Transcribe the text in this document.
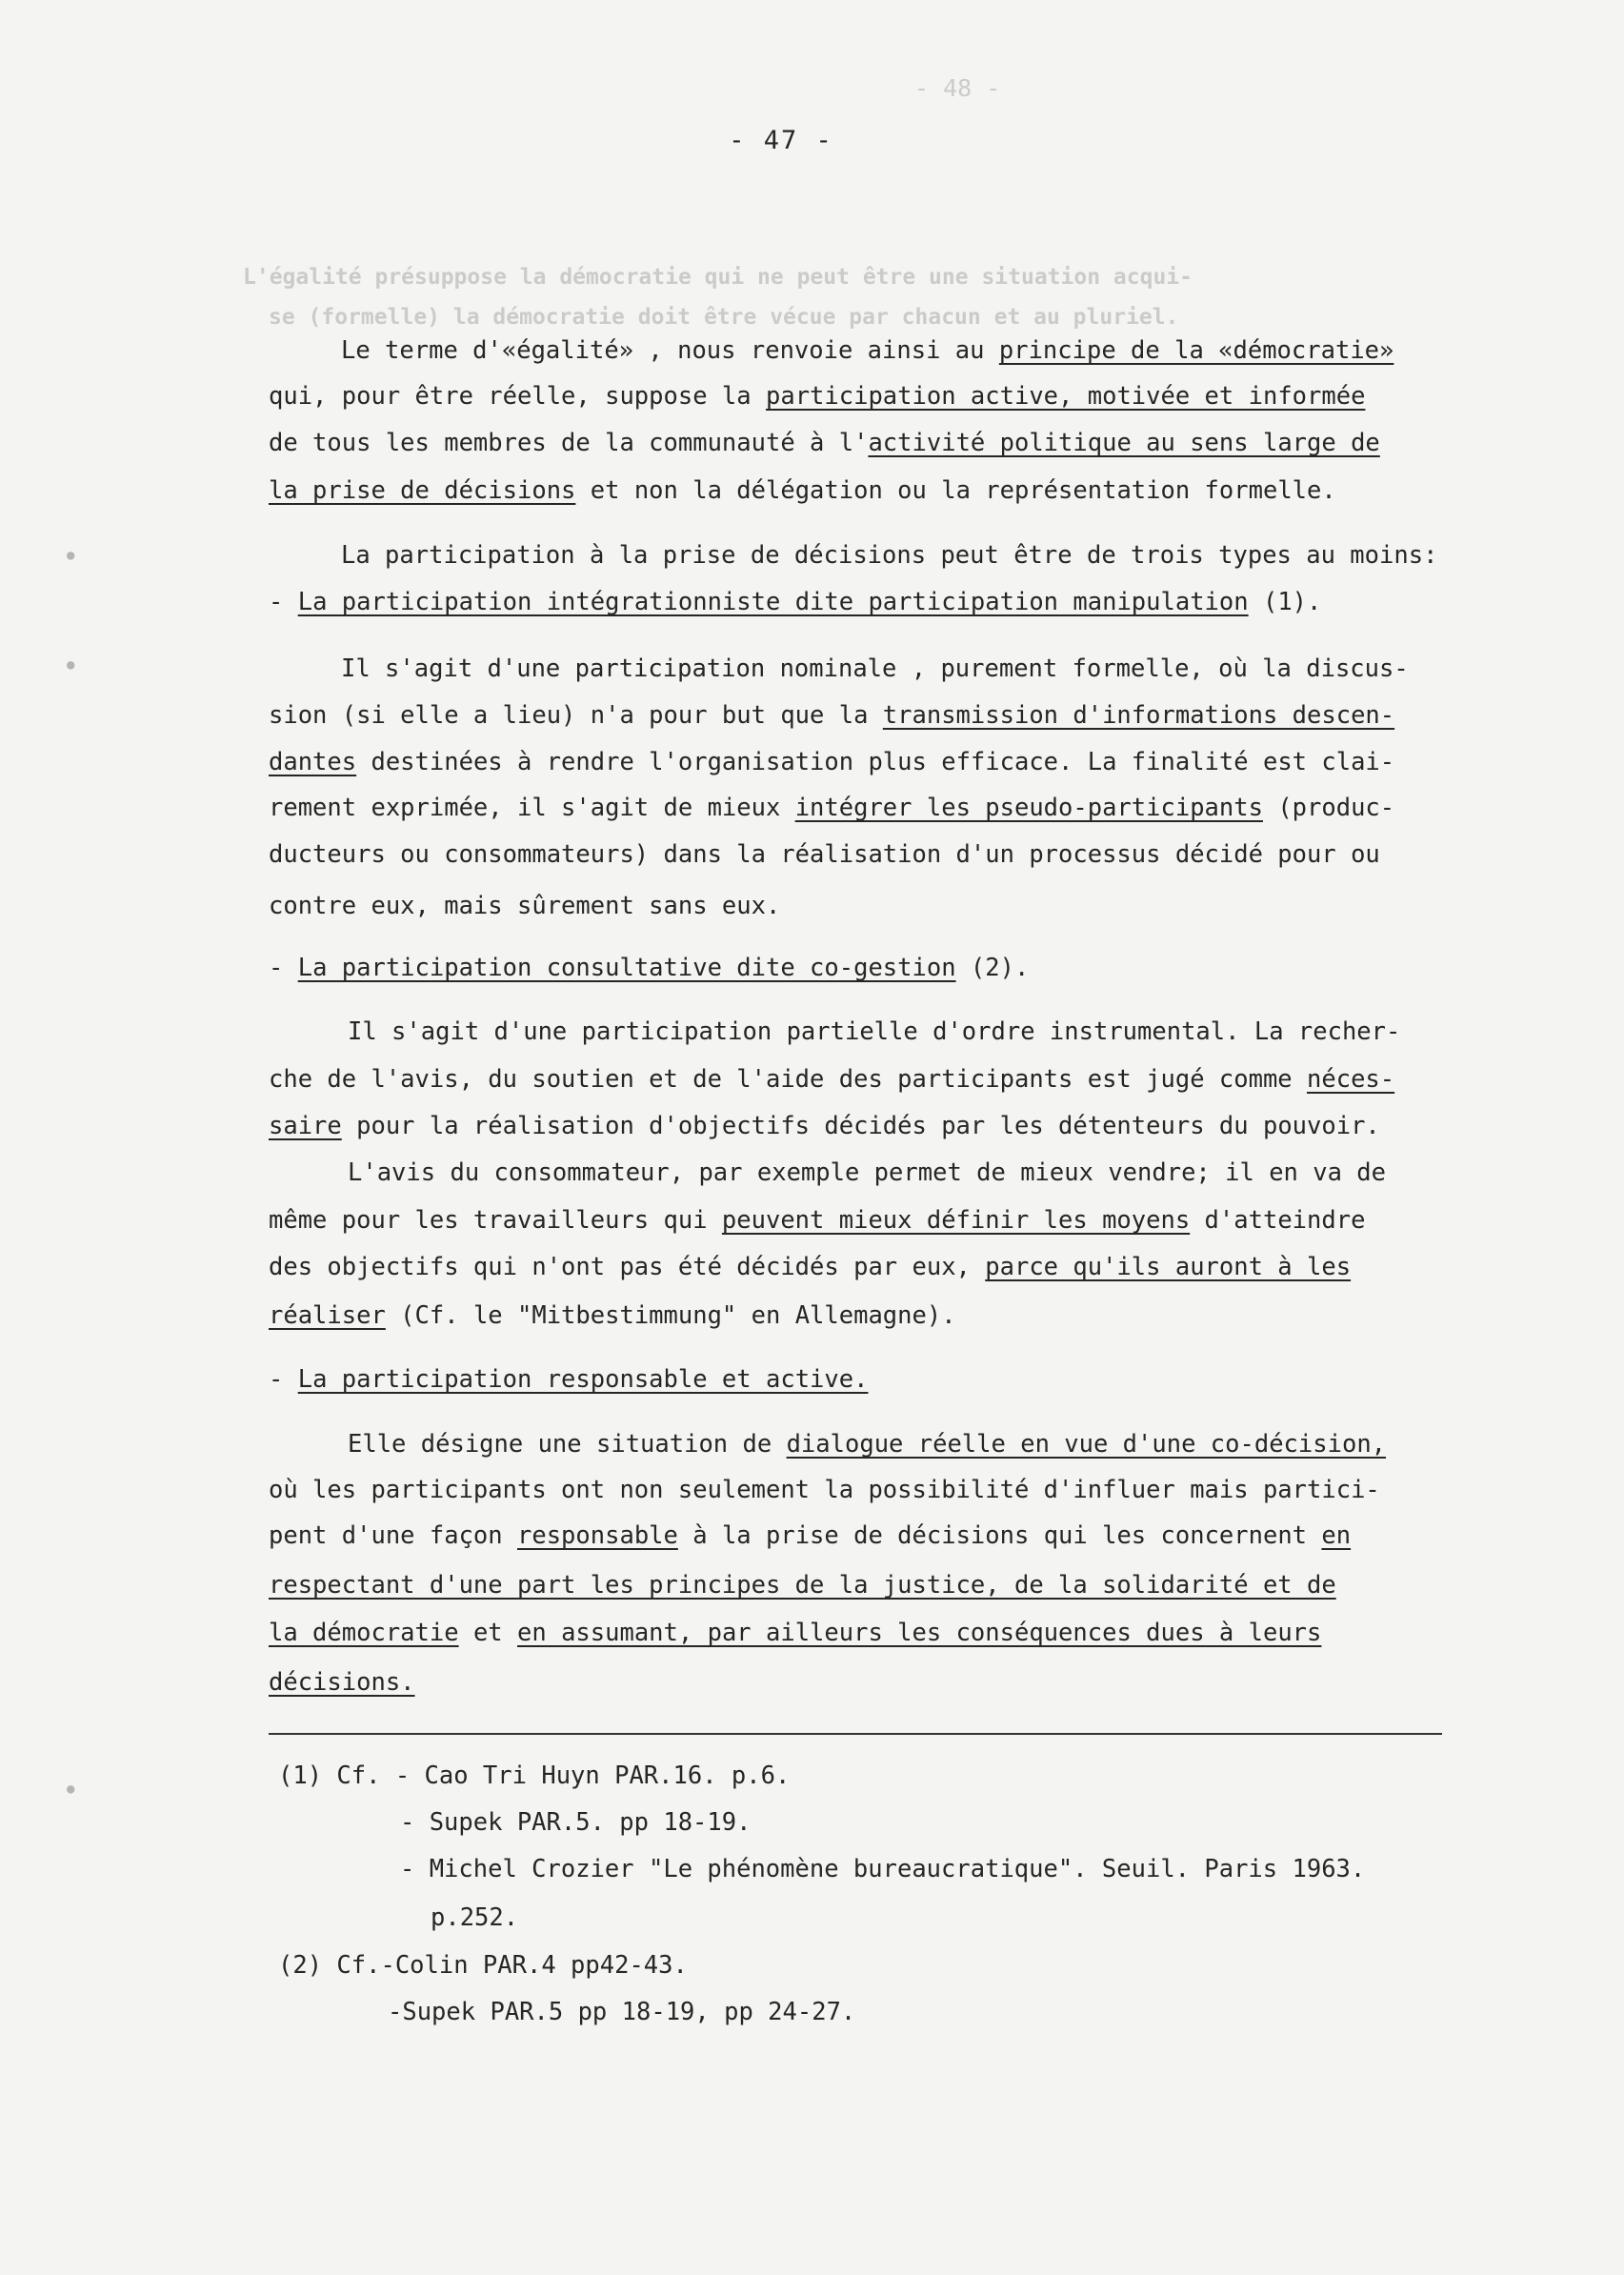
- 48 -
L'égalité présuppose la démocratie qui ne peut être une situation acqui-
se (formelle) la démocratie doit être vécue par chacun et au pluriel.
- 47 -
Le terme d'«égalité» , nous renvoie ainsi au principe de la «démocratie»
qui, pour être réelle, suppose la participation active, motivée et informée
de tous les membres de la communauté à l'activité politique au sens large de
la prise de décisions et non la délégation ou la représentation formelle.
La participation à la prise de décisions peut être de trois types au moins:
- La participation intégrationniste dite participation manipulation (1).
Il s'agit d'une participation nominale , purement formelle, où la discus-
sion (si elle a lieu) n'a pour but que la transmission d'informations descen-
dantes destinées à rendre l'organisation plus efficace. La finalité est clai-
rement exprimée, il s'agit de mieux intégrer les pseudo-participants (produc-
ducteurs ou consommateurs) dans la réalisation d'un processus décidé pour ou
contre eux, mais sûrement sans eux.
- La participation consultative dite co-gestion (2).
Il s'agit d'une participation partielle d'ordre instrumental. La recher-
che de l'avis, du soutien et de l'aide des participants est jugé comme néces-
saire pour la réalisation d'objectifs décidés par les détenteurs du pouvoir.
L'avis du consommateur, par exemple permet de mieux vendre; il en va de
même pour les travailleurs qui peuvent mieux définir les moyens d'atteindre
des objectifs qui n'ont pas été décidés par eux, parce qu'ils auront à les
réaliser (Cf. le "Mitbestimmung" en Allemagne).
- La participation responsable et active.
Elle désigne une situation de dialogue réelle en vue d'une co-décision,
où les participants ont non seulement la possibilité d'influer mais partici-
pent d'une façon responsable à la prise de décisions qui les concernent en
respectant d'une part les principes de la justice, de la solidarité et de
la démocratie et en assumant, par ailleurs les conséquences dues à leurs
décisions.
(1) Cf. - Cao Tri Huyn PAR.16. p.6.
- Supek PAR.5. pp 18-19.
- Michel Crozier "Le phénomène bureaucratique". Seuil. Paris 1963.
p.252.
(2) Cf.-Colin PAR.4 pp42-43.
-Supek PAR.5 pp 18-19, pp 24-27.
●
●
●
